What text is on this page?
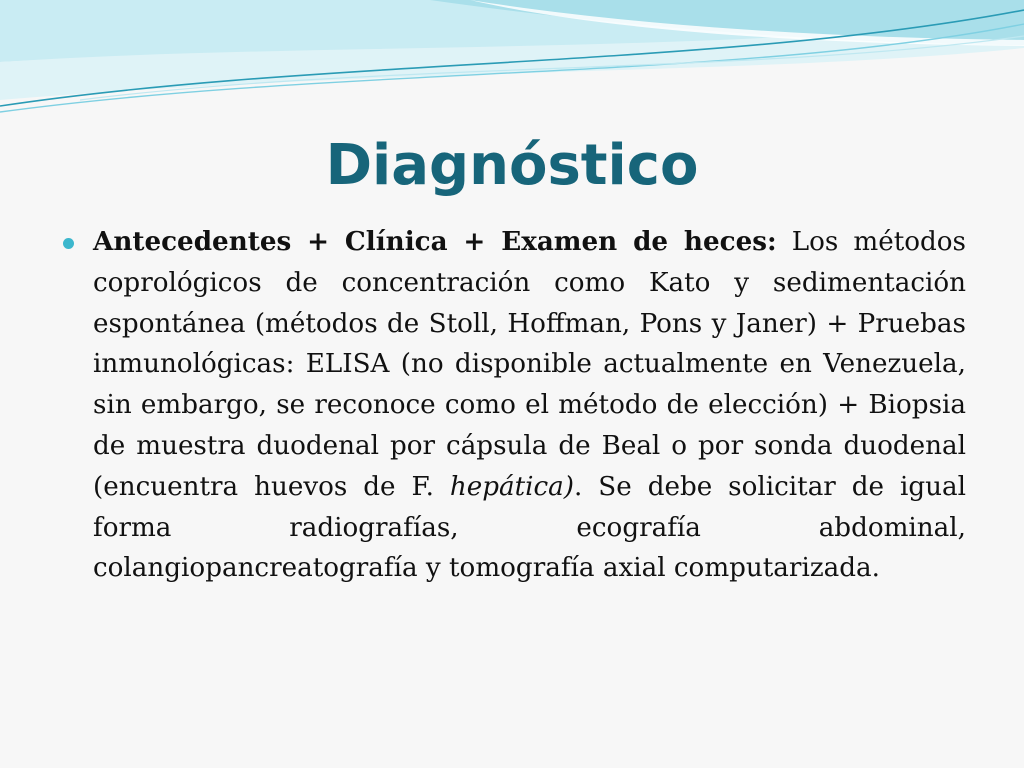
Diagnóstico

Antecedentes + Clínica + Examen de heces: Los métodos coprológicos de concentración como Kato y sedimentación espontánea (métodos de Stoll, Hoffman, Pons y Janer) + Pruebas inmunológicas: ELISA (no disponible actualmente en Venezuela, sin embargo, se reconoce como el método de elección) + Biopsia de muestra duodenal por cápsula de Beal o por sonda duodenal (encuentra huevos de F. hepática). Se debe solicitar de igual forma radiografías, ecografía abdominal, colangiopancreatografía y tomografía axial computarizada.
